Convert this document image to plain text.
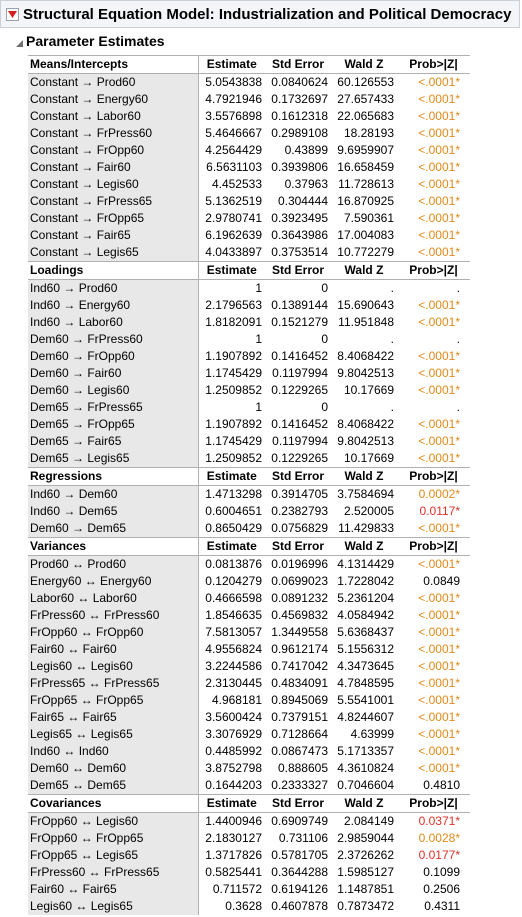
Structural Equation Model: Industrialization and Political Democracy
Parameter Estimates
Means/Intercepts	Estimate	Std Error	Wald Z	Prob>|Z|
Constant → Prod60	5.0543838	0.0840624	60.126553	<.0001*
Constant → Energy60	4.7921946	0.1732697	27.657433	<.0001*
Constant → Labor60	3.5576898	0.1612318	22.065683	<.0001*
Constant → FrPress60	5.4646667	0.2989108	18.28193	<.0001*
Constant → FrOpp60	4.2564429	0.43899	9.6959907	<.0001*
Constant → Fair60	6.5631103	0.3939806	16.658459	<.0001*
Constant → Legis60	4.452533	0.37963	11.728613	<.0001*
Constant → FrPress65	5.1362519	0.304444	16.870925	<.0001*
Constant → FrOpp65	2.9780741	0.3923495	7.590361	<.0001*
Constant → Fair65	6.1962639	0.3643986	17.004083	<.0001*
Constant → Legis65	4.0433897	0.3753514	10.772279	<.0001*
Loadings	Estimate	Std Error	Wald Z	Prob>|Z|
Ind60 → Prod60	1	0	.	.
Ind60 → Energy60	2.1796563	0.1389144	15.690643	<.0001*
Ind60 → Labor60	1.8182091	0.1521279	11.951848	<.0001*
Dem60 → FrPress60	1	0	.	.
Dem60 → FrOpp60	1.1907892	0.1416452	8.4068422	<.0001*
Dem60 → Fair60	1.1745429	0.1197994	9.8042513	<.0001*
Dem60 → Legis60	1.2509852	0.1229265	10.17669	<.0001*
Dem65 → FrPress65	1	0	.	.
Dem65 → FrOpp65	1.1907892	0.1416452	8.4068422	<.0001*
Dem65 → Fair65	1.1745429	0.1197994	9.8042513	<.0001*
Dem65 → Legis65	1.2509852	0.1229265	10.17669	<.0001*
Regressions	Estimate	Std Error	Wald Z	Prob>|Z|
Ind60 → Dem60	1.4713298	0.3914705	3.7584694	0.0002*
Ind60 → Dem65	0.6004651	0.2382793	2.520005	0.0117*
Dem60 → Dem65	0.8650429	0.0756829	11.429833	<.0001*
Variances	Estimate	Std Error	Wald Z	Prob>|Z|
Prod60 ↔ Prod60	0.0813876	0.0196996	4.1314429	<.0001*
Energy60 ↔ Energy60	0.1204279	0.0699023	1.7228042	0.0849
Labor60 ↔ Labor60	0.4666598	0.0891232	5.2361204	<.0001*
FrPress60 ↔ FrPress60	1.8546635	0.4569832	4.0584942	<.0001*
FrOpp60 ↔ FrOpp60	7.5813057	1.3449558	5.6368437	<.0001*
Fair60 ↔ Fair60	4.9556824	0.9612174	5.1556312	<.0001*
Legis60 ↔ Legis60	3.2244586	0.7417042	4.3473645	<.0001*
FrPress65 ↔ FrPress65	2.3130445	0.4834091	4.7848595	<.0001*
FrOpp65 ↔ FrOpp65	4.968181	0.8945069	5.5541001	<.0001*
Fair65 ↔ Fair65	3.5600424	0.7379151	4.8244607	<.0001*
Legis65 ↔ Legis65	3.3076929	0.7128664	4.63999	<.0001*
Ind60 ↔ Ind60	0.4485992	0.0867473	5.1713357	<.0001*
Dem60 ↔ Dem60	3.8752798	0.888605	4.3610824	<.0001*
Dem65 ↔ Dem65	0.1644203	0.2333327	0.7046604	0.4810
Covariances	Estimate	Std Error	Wald Z	Prob>|Z|
FrOpp60 ↔ Legis60	1.4400946	0.6909749	2.084149	0.0371*
FrOpp60 ↔ FrOpp65	2.1830127	0.731106	2.9859044	0.0028*
FrOpp65 ↔ Legis65	1.3717826	0.5781705	2.3726262	0.0177*
FrPress60 ↔ FrPress65	0.5825441	0.3644288	1.5985127	0.1099
Fair60 ↔ Fair65	0.711572	0.6194126	1.1487851	0.2506
Legis60 ↔ Legis65	0.3628	0.4607878	0.7873472	0.4311
